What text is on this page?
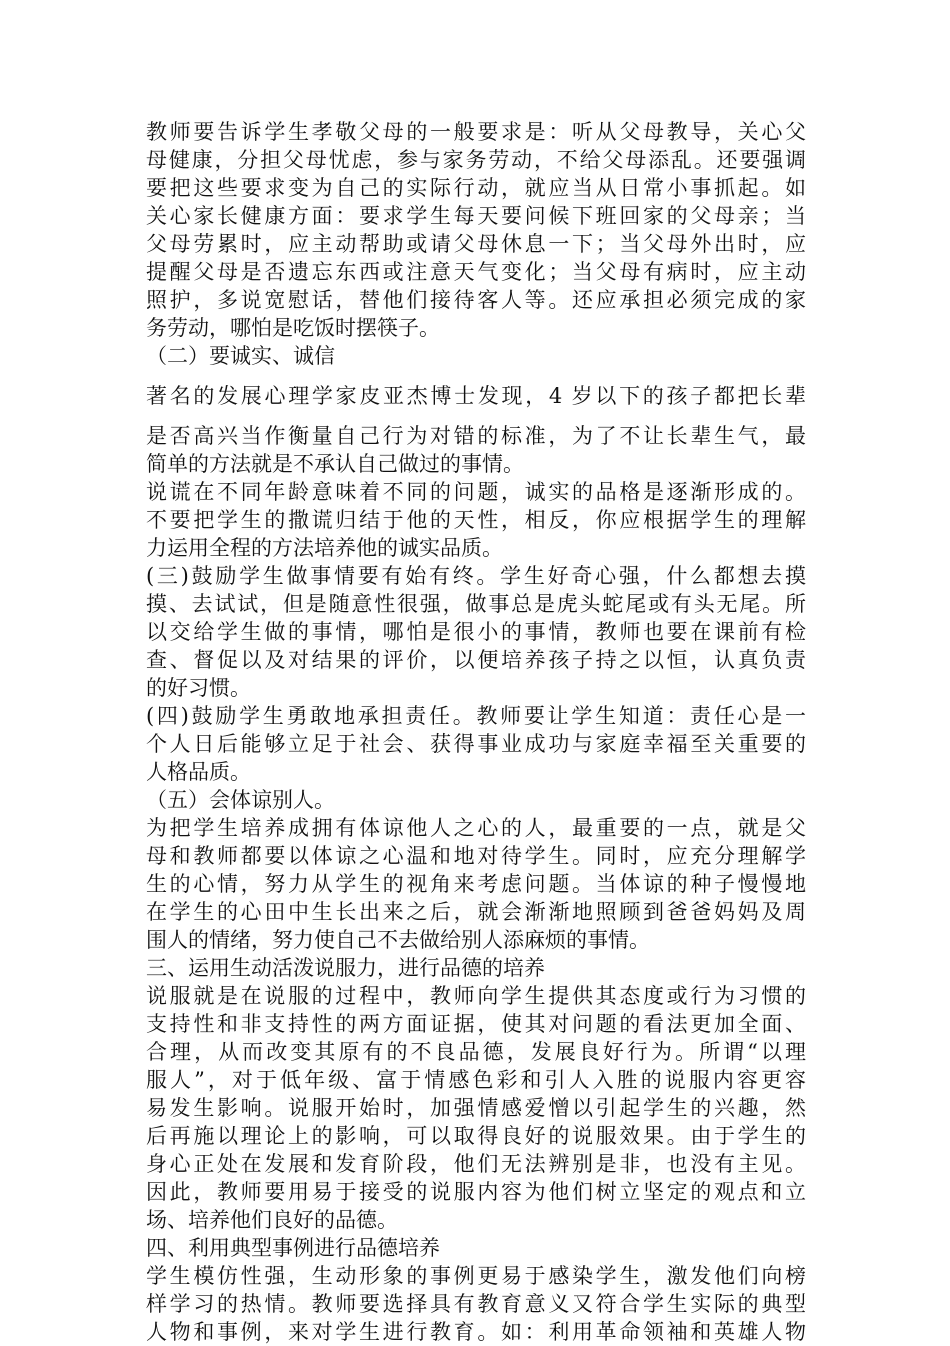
教师要告诉学生孝敬父母的一般要求是：听从父母教导，关心父
母健康，分担父母忧虑，参与家务劳动，不给父母添乱。还要强调
要把这些要求变为自己的实际行动，就应当从日常小事抓起。如
关心家长健康方面：要求学生每天要问候下班回家的父母亲；当
父母劳累时，应主动帮助或请父母休息一下；当父母外出时，应
提醒父母是否遗忘东西或注意天气变化；当父母有病时，应主动
照护，多说宽慰话，替他们接待客人等。还应承担必须完成的家
务劳动，哪怕是吃饭时摆筷子。
（二）要诚实、诚信
著名的发展心理学家皮亚杰博士发现，4 岁以下的孩子都把长辈
是否高兴当作衡量自己行为对错的标准，为了不让长辈生气，最
简单的方法就是不承认自己做过的事情。
说谎在不同年龄意味着不同的问题，诚实的品格是逐渐形成的。
不要把学生的撒谎归结于他的天性，相反，你应根据学生的理解
力运用全程的方法培养他的诚实品质。
(三)鼓励学生做事情要有始有终。学生好奇心强，什么都想去摸
摸、去试试，但是随意性很强，做事总是虎头蛇尾或有头无尾。所
以交给学生做的事情，哪怕是很小的事情，教师也要在课前有检
查、督促以及对结果的评价，以便培养孩子持之以恒，认真负责
的好习惯。
(四)鼓励学生勇敢地承担责任。教师要让学生知道：责任心是一
个人日后能够立足于社会、获得事业成功与家庭幸福至关重要的
人格品质。
（五）会体谅别人。
为把学生培养成拥有体谅他人之心的人，最重要的一点，就是父
母和教师都要以体谅之心温和地对待学生。同时，应充分理解学
生的心情，努力从学生的视角来考虑问题。当体谅的种子慢慢地
在学生的心田中生长出来之后，就会渐渐地照顾到爸爸妈妈及周
围人的情绪，努力使自己不去做给别人添麻烦的事情。
三、运用生动活泼说服力，进行品德的培养
说服就是在说服的过程中，教师向学生提供其态度或行为习惯的
支持性和非支持性的两方面证据，使其对问题的看法更加全面、
合理，从而改变其原有的不良品德，发展良好行为。所谓“以理
服人”，对于低年级、富于情感色彩和引人入胜的说服内容更容
易发生影响。说服开始时，加强情感爱憎以引起学生的兴趣，然
后再施以理论上的影响，可以取得良好的说服效果。由于学生的
身心正处在发展和发育阶段，他们无法辨别是非，也没有主见。
因此，教师要用易于接受的说服内容为他们树立坚定的观点和立
场、培养他们良好的品德。
四、利用典型事例进行品德培养
学生模仿性强，生动形象的事例更易于感染学生，激发他们向榜
样学习的热情。教师要选择具有教育意义又符合学生实际的典型
人物和事例，来对学生进行教育。如：利用革命领袖和英雄人物
